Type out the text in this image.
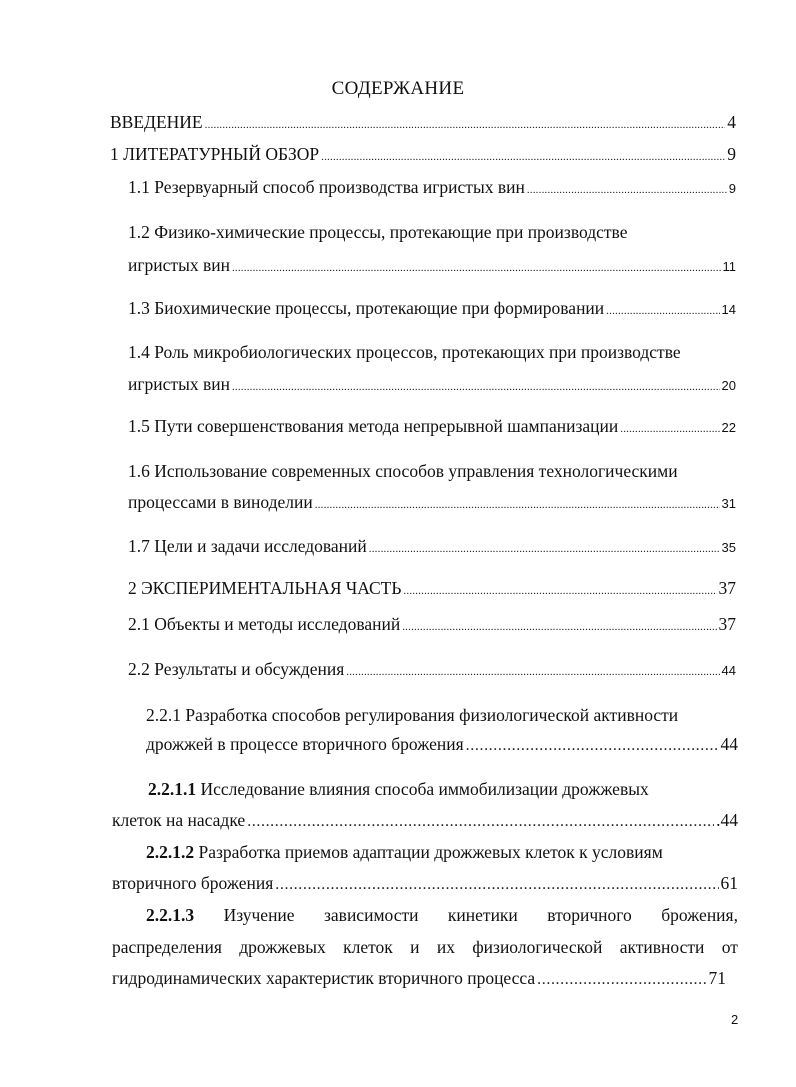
СОДЕРЖАНИЕ
ВВЕДЕНИЕ .....	4
1 ЛИТЕРАТУРНЫЙ ОБЗОР .....	9
1.1 Резервуарный способ производства игристых вин .....	9
1.2 Физико-химические процессы, протекающие при производстве
игристых вин .....	11
1.3 Биохимические процессы, протекающие при формировании .....	14
1.4 Роль микробиологических процессов, протекающих при производстве
игристых вин .....	20
1.5 Пути совершенствования метода непрерывной шампанизации .....	22
1.6 Использование современных способов управления технологическими
процессами в виноделии .....	31
1.7 Цели и задачи исследований .....	35
2 ЭКСПЕРИМЕНТАЛЬНАЯ ЧАСТЬ .....	37
2.1 Объекты и методы исследований .....	37
2.2 Результаты и обсуждения .....	44
2.2.1 Разработка способов регулирования физиологической активности
дрожжей в процессе вторичного брожения .....	44
2.2.1.1 Исследование влияния способа иммобилизации дрожжевых
клеток на насадке .....	.44
2.2.1.2 Разработка приемов адаптации дрожжевых клеток к условиям
вторичного брожения .....	61
2.2.1.3 Изучение зависимости кинетики вторичного брожения,
распределения дрожжевых клеток и их физиологической активности от
гидродинамических характеристик вторичного процесса .....	71
2
